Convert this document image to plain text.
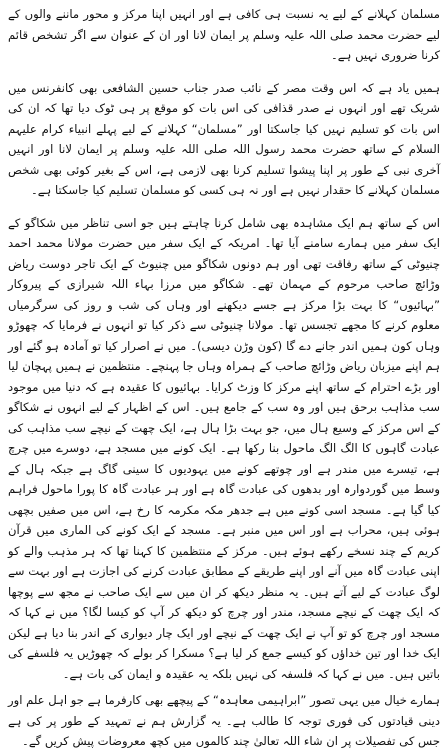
مسلمان کہلانے کے لیے یہ نسبت ہی کافی ہے اور انہیں اپنا مرکز و محور ماننے والوں کے لیے حضرت محمد صلی اللہ علیہ وسلم پر ایمان لانا اور ان کے عنوان سے اگر تشخص قائم کرنا ضروری نہیں ہے۔

ہمیں یاد ہے کہ اس وقت مصر کے نائب صدر جناب حسین الشافعی بھی کانفرنس میں شریک تھے اور انہوں نے صدر قذافی کی اس بات کو موقع پر ہی ٹوک دیا تھا کہ ان کی اس بات کو تسلیم نہیں کیا جاسکتا اور ”مسلمان“ کہلانے کے لیے پہلے انبیاء کرام علیہم السلام کے ساتھ حضرت محمد رسول اللہ صلی اللہ علیہ وسلم پر ایمان لانا اور انہیں آخری نبی کے طور پر اپنا پیشوا تسلیم کرنا بھی لازمی ہے، اس کے بغیر کوئی بھی شخص مسلمان کہلانے کا حقدار نہیں ہے اور نہ ہی کسی کو مسلمان تسلیم کیا جاسکتا ہے۔

اس کے ساتھ ہم ایک مشاہدہ بھی شامل کرنا چاہتے ہیں جو اسی تناظر میں شکاگو کے ایک سفر میں ہمارے سامنے آیا تھا۔ امریکہ کے ایک سفر میں حضرت مولانا محمد احمد چنیوٹی کے ساتھ رفاقت تھی اور ہم دونوں شکاگو میں چنیوٹ کے ایک تاجر دوست ریاض وڑائچ صاحب مرحوم کے مہمان تھے۔ شکاگو میں مرزا بہاء اللہ شیرازی کے پیروکار ”بہائیوں“ کا بہت بڑا مرکز ہے جسے دیکھنے اور وہاں کی شب و روز کی سرگرمیاں معلوم کرنے کا مجھے تجسس تھا۔ مولانا چنیوٹی سے ذکر کیا تو انہوں نے فرمایا کہ چھوڑو وہاں کون ہمیں اندر جانے دے گا (کون وڑن دیسی)۔ میں نے اصرار کیا تو آمادہ ہو گئے اور ہم اپنے میزبان ریاض وڑائچ صاحب کے ہمراہ وہاں جا پہنچے۔ منتظمین نے ہمیں پہچان لیا اور بڑے احترام کے ساتھ اپنے مرکز کا وزٹ کرایا۔ بہائیوں کا عقیدہ ہے کہ دنیا میں موجود سب مذاہب برحق ہیں اور وہ سب کے جامع ہیں۔ اس کے اظہار کے لیے انہوں نے شکاگو کے اس مرکز کے وسیع ہال میں، جو بہت بڑا ہال ہے، ایک چھت کے نیچے سب مذاہب کی عبادت گاہوں کا الگ الگ ماحول بنا رکھا ہے۔ ایک کونے میں مسجد ہے، دوسرے میں چرچ ہے، تیسرے میں مندر ہے اور چوتھے کونے میں یہودیوں کا سینی گاگ ہے جبکہ ہال کے وسط میں گوردوارہ اور بدھوں کی عبادت گاہ ہے اور ہر عبادت گاہ کا پورا ماحول فراہم کیا گیا ہے۔ مسجد اسی کونے میں ہے جدھر مکہ مکرمہ کا رخ ہے، اس میں صفیں بچھی ہوئی ہیں، محراب ہے اور اس میں منبر ہے۔ مسجد کے ایک کونے کی الماری میں قرآن کریم کے چند نسخے رکھے ہوئے ہیں۔ مرکز کے منتظمین کا کہنا تھا کہ ہر مذہب والے کو اپنی عبادت گاہ میں آنے اور اپنے طریقے کے مطابق عبادت کرنے کی اجازت ہے اور بہت سے لوگ عبادت کے لیے آتے ہیں۔ یہ منظر دیکھ کر ان میں سے ایک صاحب نے مجھ سے پوچھا کہ ایک چھت کے نیچے مسجد، مندر اور چرچ کو دیکھ کر آپ کو کیسا لگا؟ میں نے کہا کہ مسجد اور چرچ کو تو آپ نے ایک چھت کے نیچے اور ایک چار دیواری کے اندر بنا دیا ہے لیکن ایک خدا اور تین خداؤں کو کیسے جمع کر لیا ہے؟ مسکرا کر بولے کہ چھوڑیں یہ فلسفے کی باتیں ہیں۔ میں نے کہا کہ فلسفہ کی نہیں بلکہ یہ عقیدہ و ایمان کی بات ہے۔

ہمارے خیال میں یہی تصور ”ابراہیمی معاہدہ“ کے پیچھے بھی کارفرما ہے جو اہل علم اور دینی قیادتوں کی فوری توجہ کا طالب ہے۔ یہ گزارش ہم نے تمہید کے طور پر کی ہے جس کی تفصیلات پر ان شاء اللہ تعالیٰ چند کالموں میں کچھ معروضات پیش کریں گے۔
